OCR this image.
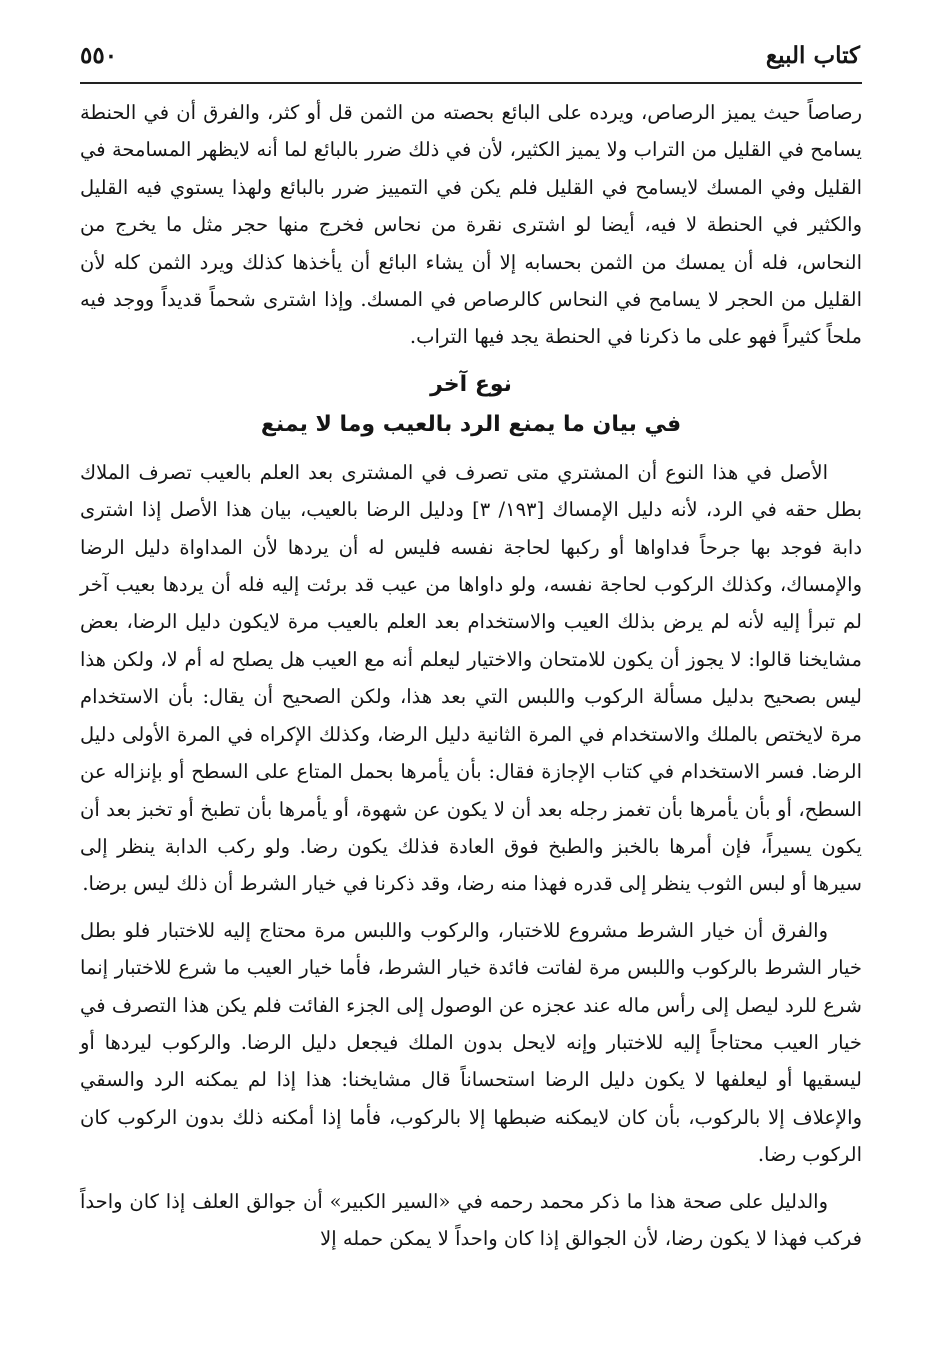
كتاب البيع
٥٥٠

رصاصاً حيث يميز الرصاص، ويرده على البائع بحصته من الثمن قل أو كثر، والفرق أن في الحنطة يسامح في القليل من التراب ولا يميز الكثير، لأن في ذلك ضرر بالبائع لما أنه لايظهر المسامحة في القليل وفي المسك لايسامح في القليل فلم يكن في التمييز ضرر بالبائع ولهذا يستوي فيه القليل والكثير في الحنطة لا فيه، أيضا لو اشترى نقرة من نحاس فخرج منها حجر مثل ما يخرج من النحاس، فله أن يمسك من الثمن بحسابه إلا أن يشاء البائع أن يأخذها كذلك ويرد الثمن كله لأن القليل من الحجر لا يسامح في النحاس كالرصاص في المسك. وإذا اشترى شحماً قديداً ووجد فيه ملحاً كثيراً فهو على ما ذكرنا في الحنطة يجد فيها التراب.

نوع آخر

في بيان ما يمنع الرد بالعيب وما لا يمنع

الأصل في هذا النوع أن المشتري متى تصرف في المشترى بعد العلم بالعيب تصرف الملاك بطل حقه في الرد، لأنه دليل الإمساك [١٩٣/ ٣] ودليل الرضا بالعيب، بيان هذا الأصل إذا اشترى دابة فوجد بها جرحاً فداواها أو ركبها لحاجة نفسه فليس له أن يردها لأن المداواة دليل الرضا والإمساك، وكذلك الركوب لحاجة نفسه، ولو داواها من عيب قد برئت إليه فله أن يردها بعيب آخر لم تبرأ إليه لأنه لم يرض بذلك العيب والاستخدام بعد العلم بالعيب مرة لايكون دليل الرضا، بعض مشايخنا قالوا: لا يجوز أن يكون للامتحان والاختيار ليعلم أنه مع العيب هل يصلح له أم لا، ولكن هذا ليس بصحيح بدليل مسألة الركوب واللبس التي بعد هذا، ولكن الصحيح أن يقال: بأن الاستخدام مرة لايختص بالملك والاستخدام في المرة الثانية دليل الرضا، وكذلك الإكراه في المرة الأولى دليل الرضا. فسر الاستخدام في كتاب الإجازة فقال: بأن يأمرها بحمل المتاع على السطح أو بإنزاله عن السطح، أو بأن يأمرها بأن تغمز رجله بعد أن لا يكون عن شهوة، أو يأمرها بأن تطبخ أو تخبز بعد أن يكون يسيراً، فإن أمرها بالخبز والطبخ فوق العادة فذلك يكون رضا. ولو ركب الدابة ينظر إلى سيرها أو لبس الثوب ينظر إلى قدره فهذا منه رضا، وقد ذكرنا في خيار الشرط أن ذلك ليس برضا.

والفرق أن خيار الشرط مشروع للاختبار، والركوب واللبس مرة محتاج إليه للاختبار فلو بطل خيار الشرط بالركوب واللبس مرة لفاتت فائدة خيار الشرط، فأما خيار العيب ما شرع للاختبار إنما شرع للرد ليصل إلى رأس ماله عند عجزه عن الوصول إلى الجزء الفائت فلم يكن هذا التصرف في خيار العيب محتاجاً إليه للاختبار وإنه لايحل بدون الملك فيجعل دليل الرضا. والركوب ليردها أو ليسقيها أو ليعلفها لا يكون دليل الرضا استحساناً قال مشايخنا: هذا إذا لم يمكنه الرد والسقي والإعلاف إلا بالركوب، بأن كان لايمكنه ضبطها إلا بالركوب، فأما إذا أمكنه ذلك بدون الركوب كان الركوب رضا.

والدليل على صحة هذا ما ذكر محمد رحمه في «السير الكبير» أن جوالق العلف إذا كان واحداً فركب فهذا لا يكون رضا، لأن الجوالق إذا كان واحداً لا يمكن حمله إلا
